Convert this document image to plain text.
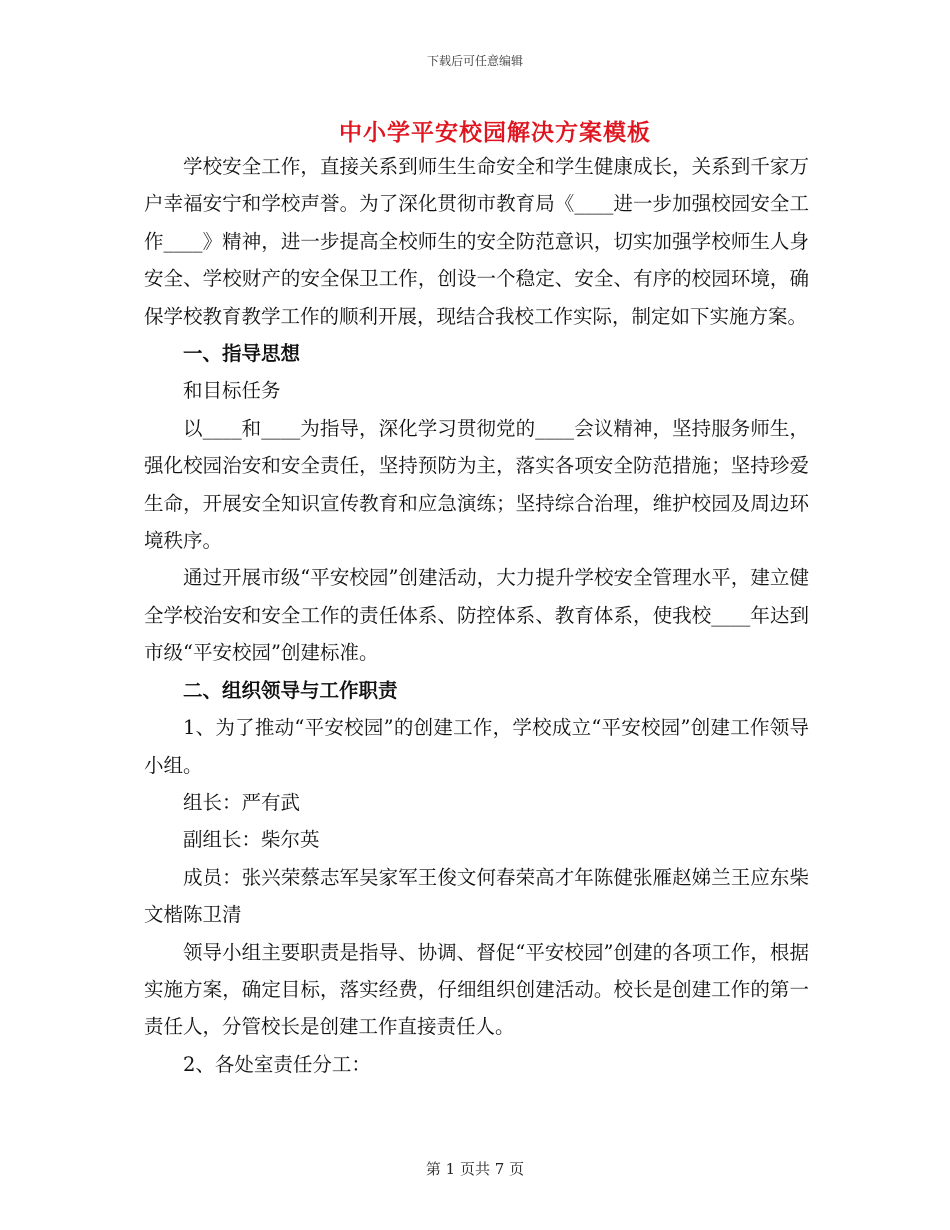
下载后可任意编辑
中小学平安校园解决方案模板

学校安全工作，直接关系到师生生命安全和学生健康成长，关系到千家万户幸福安宁和学校声誉。为了深化贯彻市教育局《____进一步加强校园安全工作____》精神，进一步提高全校师生的安全防范意识，切实加强学校师生人身安全、学校财产的安全保卫工作，创设一个稳定、安全、有序的校园环境，确保学校教育教学工作的顺利开展，现结合我校工作实际，制定如下实施方案。

一、指导思想

和目标任务

以____和____为指导，深化学习贯彻党的____会议精神，坚持服务师生，强化校园治安和安全责任，坚持预防为主，落实各项安全防范措施；坚持珍爱生命，开展安全知识宣传教育和应急演练；坚持综合治理，维护校园及周边环境秩序。

通过开展市级“平安校园”创建活动，大力提升学校安全管理水平，建立健全学校治安和安全工作的责任体系、防控体系、教育体系，使我校____年达到市级“平安校园”创建标准。

二、组织领导与工作职责

1、为了推动“平安校园”的创建工作，学校成立“平安校园”创建工作领导小组。

组长：严有武

副组长：柴尔英

成员：张兴荣蔡志军吴家军王俊文何春荣高才年陈健张雁赵娣兰王应东柴文楷陈卫清

领导小组主要职责是指导、协调、督促“平安校园”创建的各项工作，根据实施方案，确定目标，落实经费，仔细组织创建活动。校长是创建工作的第一责任人，分管校长是创建工作直接责任人。

2、各处室责任分工：

第 1 页共 7 页
